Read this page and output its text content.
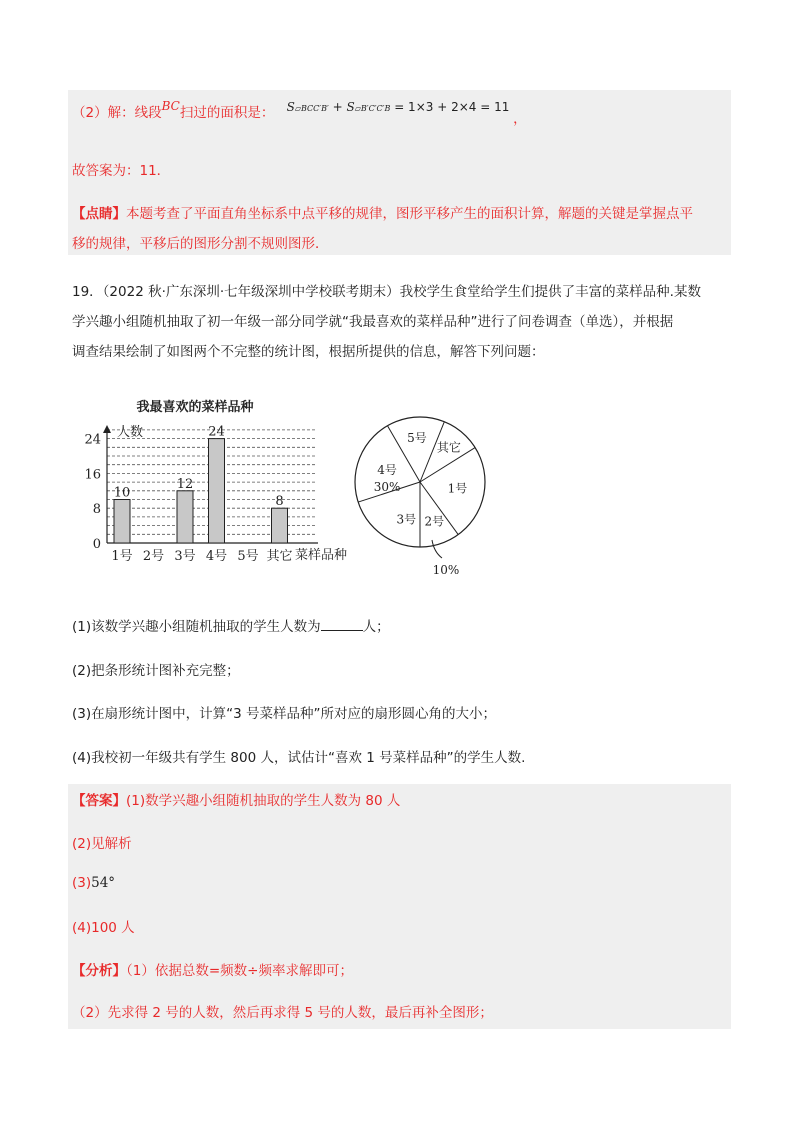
（2）解：线段BC扫过的面积是： S▱BCC′B′ + S▱B′C′C′B = 1×3 + 2×4 = 11 ，
故答案为：11．
【点睛】本题考查了平面直角坐标系中点平移的规律，图形平移产生的面积计算，解题的关键是掌握点平
移的规律，平移后的图形分割不规则图形．
19．（2022 秋·广东深圳·七年级深圳中学校联考期末）我校学生食堂给学生们提供了丰富的菜样品种.某数
学兴趣小组随机抽取了初一年级一部分同学就“我最喜欢的菜样品种”进行了问卷调查（单选），并根据
调查结果绘制了如图两个不完整的统计图，根据所提供的信息，解答下列问题：
我最喜欢的菜样品种
人数
菜样品种
0
8
16
24
1号
10
2号 3号
12
4号
24
5号 其它
8
5号
其它
1号
2号
10%
3号
4号
30%
(1)该数学兴趣小组随机抽取的学生人数为	人；
(2)把条形统计图补充完整；
(3)在扇形统计图中，计算“3 号菜样品种”所对应的扇形圆心角的大小；
(4)我校初一年级共有学生 800 人，试估计“喜欢 1 号菜样品种”的学生人数.
【答案】(1)数学兴趣小组随机抽取的学生人数为 80 人
(2)见解析
(3)54°
(4)100 人
【分析】（1）依据总数=频数÷频率求解即可；
（2）先求得 2 号的人数，然后再求得 5 号的人数，最后再补全图形；
